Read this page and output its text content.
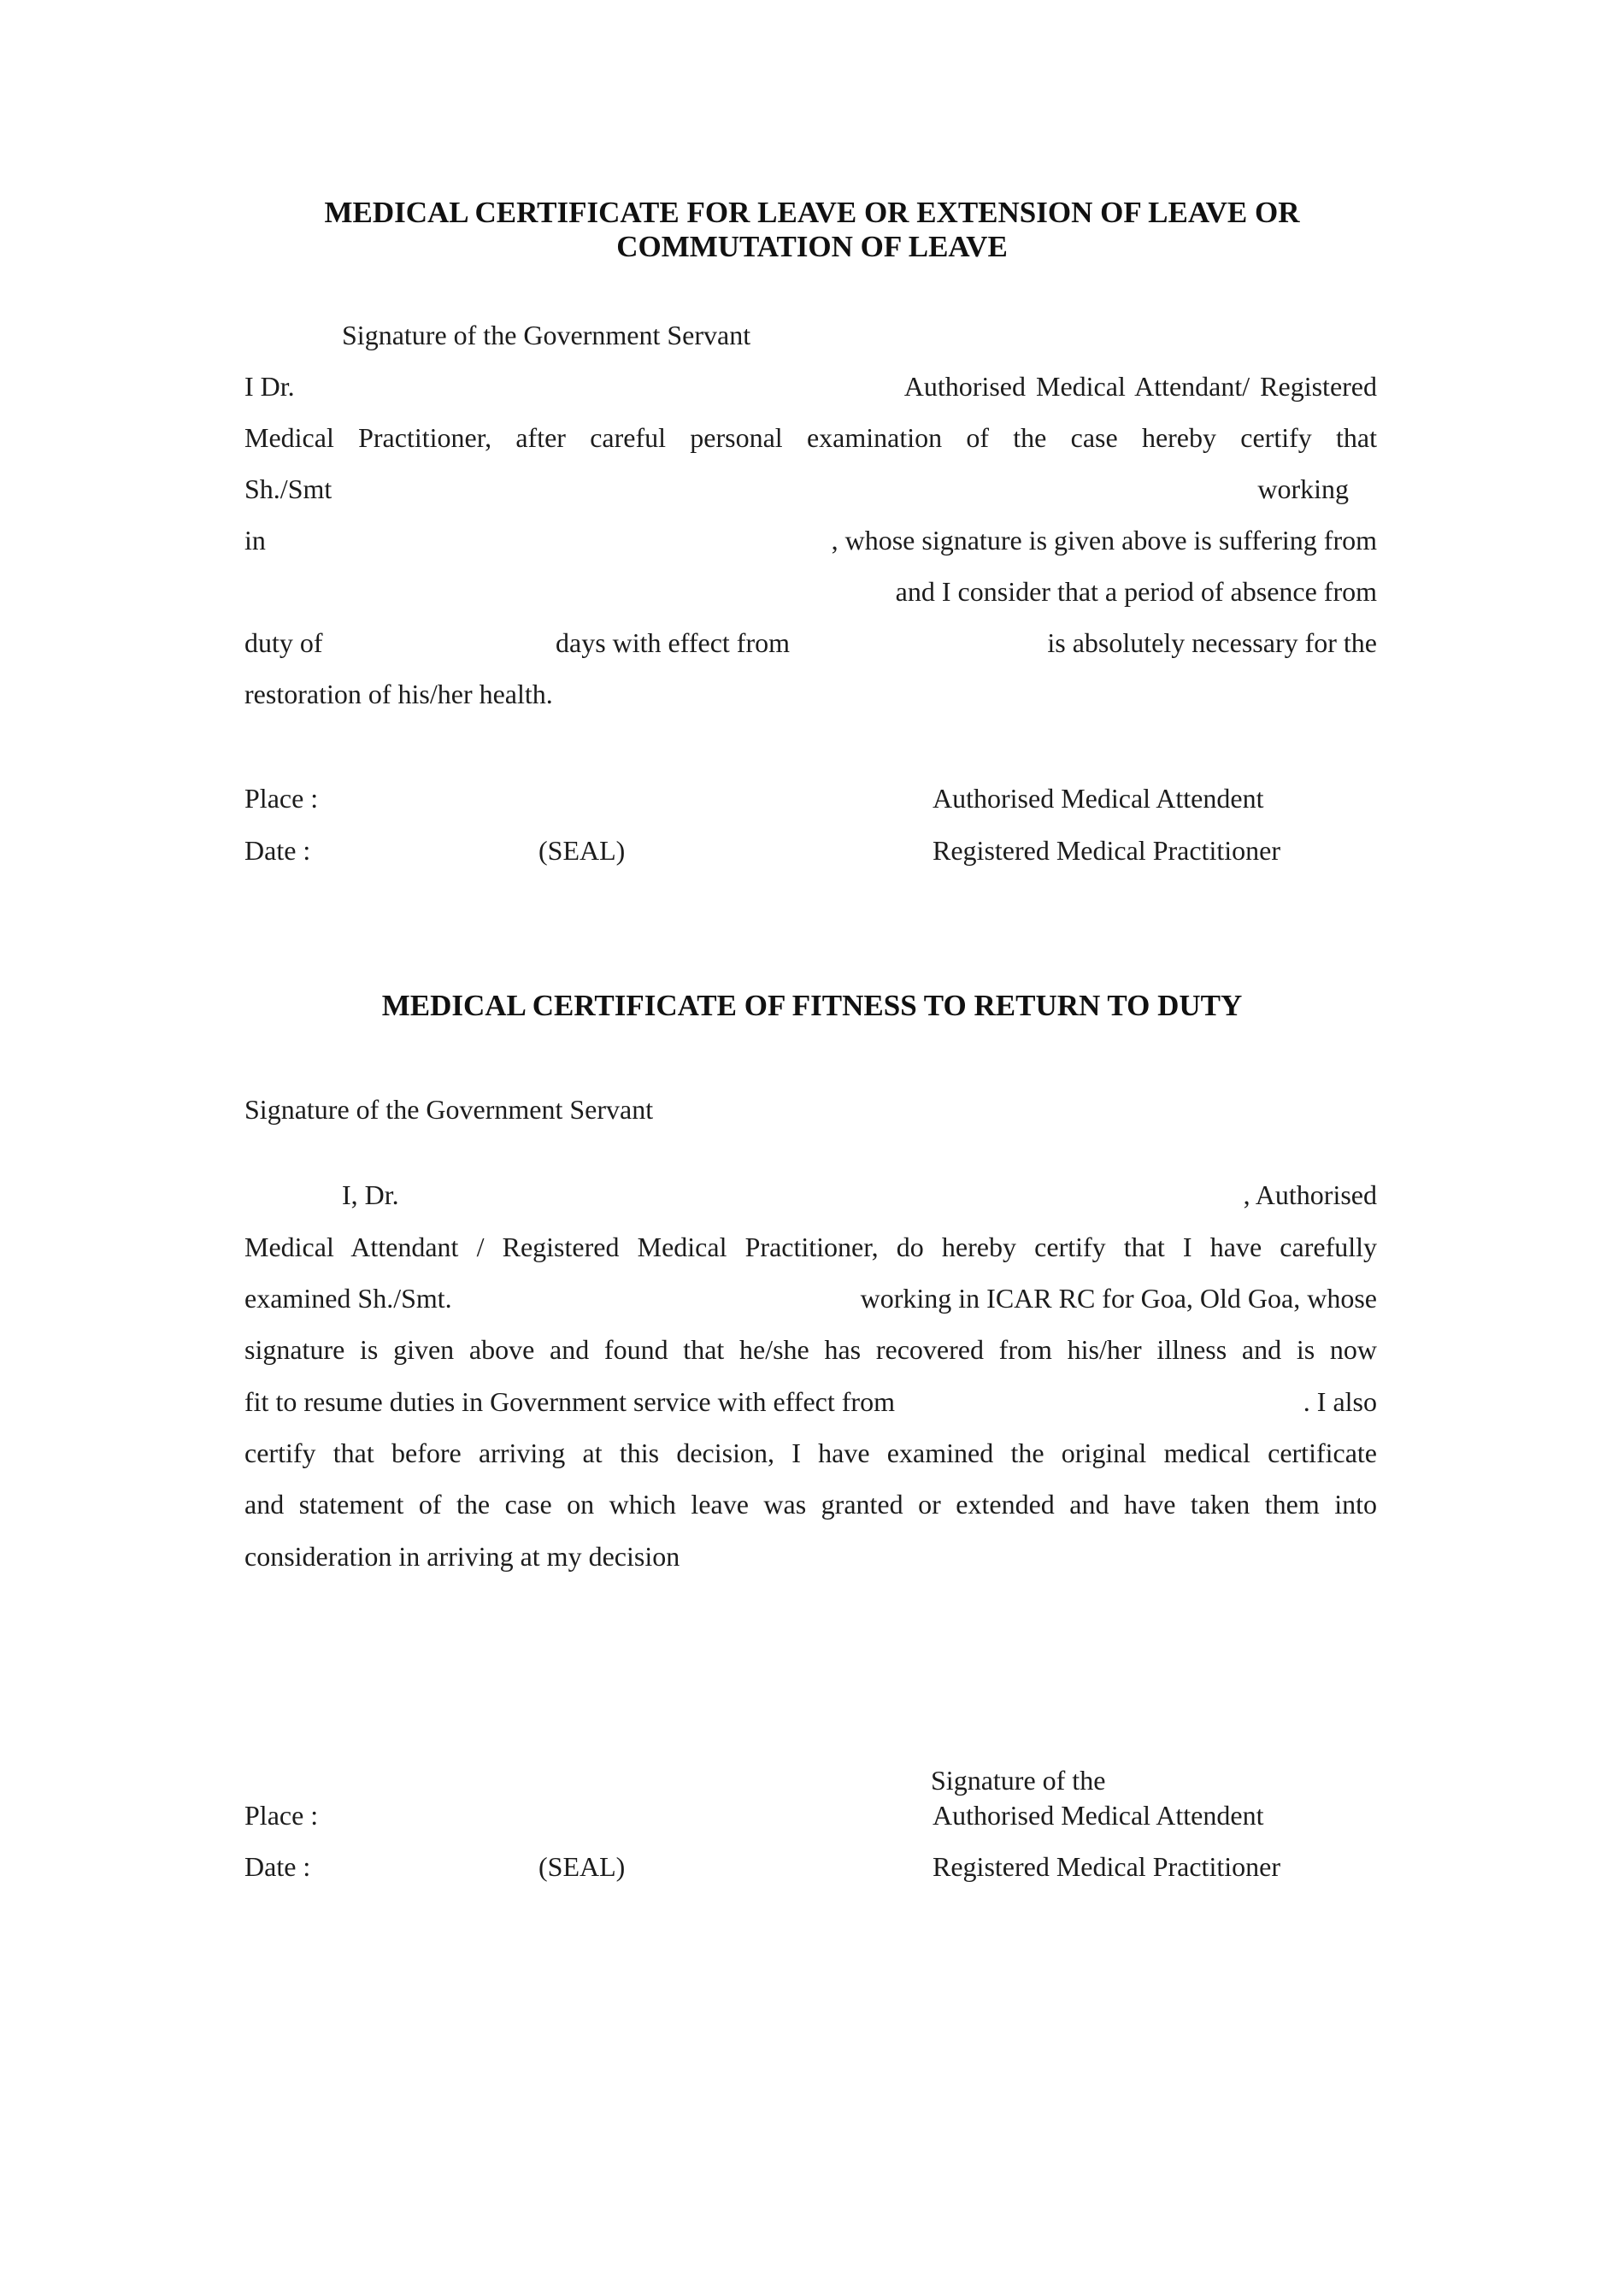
MEDICAL CERTIFICATE FOR LEAVE OR EXTENSION OF LEAVE OR
COMMUTATION OF LEAVE
Signature of the Government Servant
I Dr.	Authorised Medical Attendant/ Registered
Medical Practitioner, after careful personal examination of the case hereby certify that
Sh./Smt	working
in	, whose signature is given above is suffering from
and I consider that a period of absence from
duty of	days with effect from	is absolutely necessary for the
restoration of his/her health.
Place :	Authorised Medical Attendent
Date :	(SEAL)	Registered Medical Practitioner
MEDICAL CERTIFICATE OF FITNESS TO RETURN TO DUTY
Signature of the Government Servant
I, Dr.	, Authorised
Medical Attendant / Registered Medical Practitioner, do hereby certify that I have carefully
examined Sh./Smt.	working in ICAR RC for Goa, Old Goa, whose
signature is given above and found that he/she has recovered from his/her illness and is now
fit to resume duties in Government service with effect from	. I also
certify that before arriving at this decision, I have examined the original medical certificate
and statement of the case on which leave was granted or extended and have taken them into
consideration in arriving at my decision
Signature of the
Place :	Authorised Medical Attendent
Date :	(SEAL)	Registered Medical Practitioner
